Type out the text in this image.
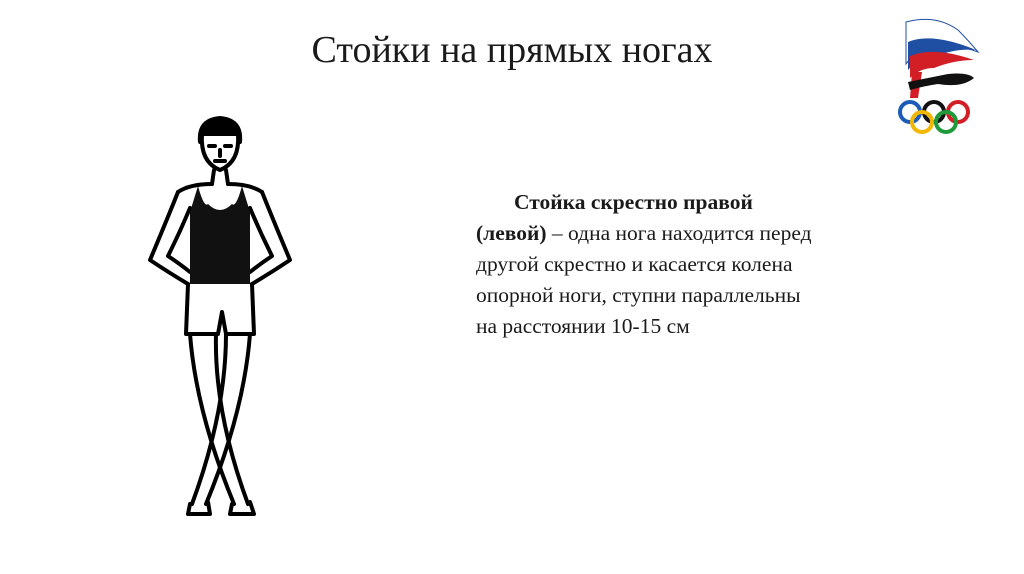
Стойки на прямых ногах

Стойка скрестно правой

(левой) – одна нога находится перед

другой скрестно и касается колена

опорной ноги, ступни параллельны

на расстоянии 10-15 см
